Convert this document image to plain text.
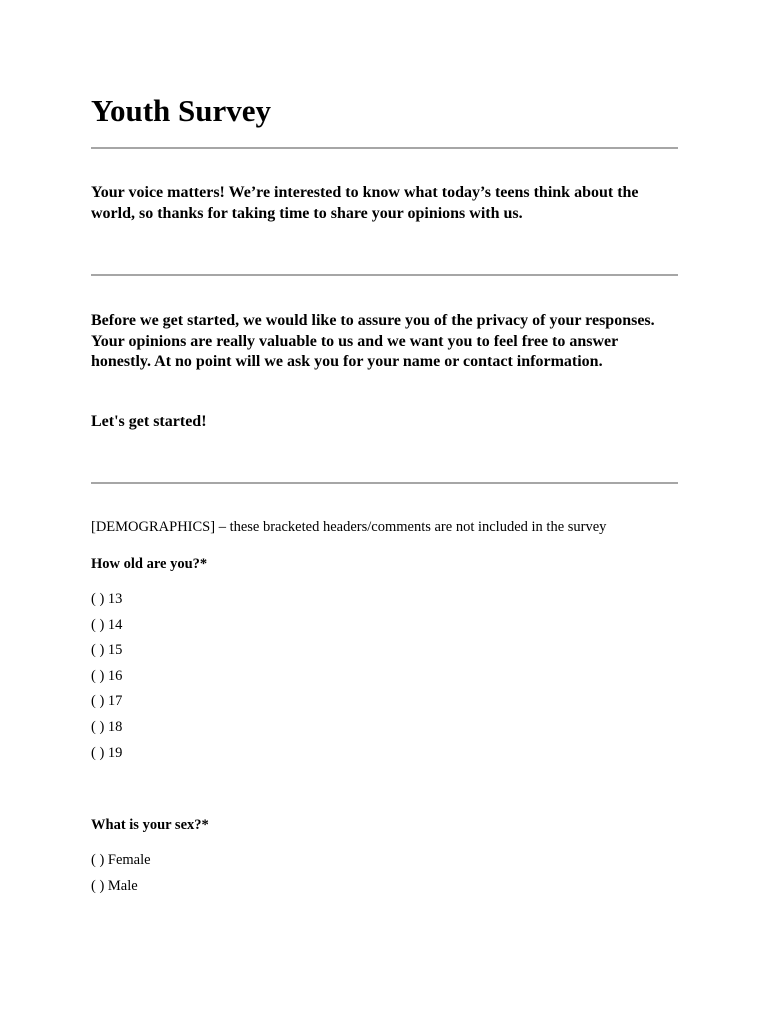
Youth Survey

Your voice matters! We’re interested to know what today’s teens think about the world, so thanks for taking time to share your opinions with us.

Before we get started, we would like to assure you of the privacy of your responses. Your opinions are really valuable to us and we want you to feel free to answer honestly. At no point will we ask you for your name or contact information.

Let's get started!

[DEMOGRAPHICS] – these bracketed headers/comments are not included in the survey

How old are you?*

( ) 13
( ) 14
( ) 15
( ) 16
( ) 17
( ) 18
( ) 19

What is your sex?*

( ) Female
( ) Male
